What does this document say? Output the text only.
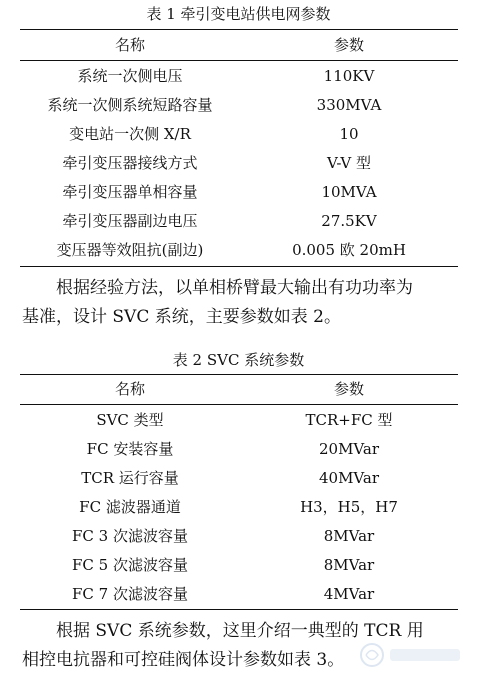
表 1 牵引变电站供电网参数
名称	参数
系统一次侧电压	110KV
系统一次侧系统短路容量	330MVA
变电站一次侧 X/R	10
牵引变压器接线方式	V-V 型
牵引变压器单相容量	10MVA
牵引变压器副边电压	27.5KV
变压器等效阻抗(副边)	0.005 欧 20mH
根据经验方法，以单相桥臂最大输出有功功率为
基准，设计 SVC 系统，主要参数如表 2。
表 2 SVC 系统参数
名称	参数
SVC 类型	TCR+FC 型
FC 安装容量	20MVar
TCR 运行容量	40MVar
FC 滤波器通道	H3，H5，H7
FC 3 次滤波容量	8MVar
FC 5 次滤波容量	8MVar
FC 7 次滤波容量	4MVar
根据 SVC 系统参数，这里介绍一典型的 TCR 用
相控电抗器和可控硅阀体设计参数如表 3。
